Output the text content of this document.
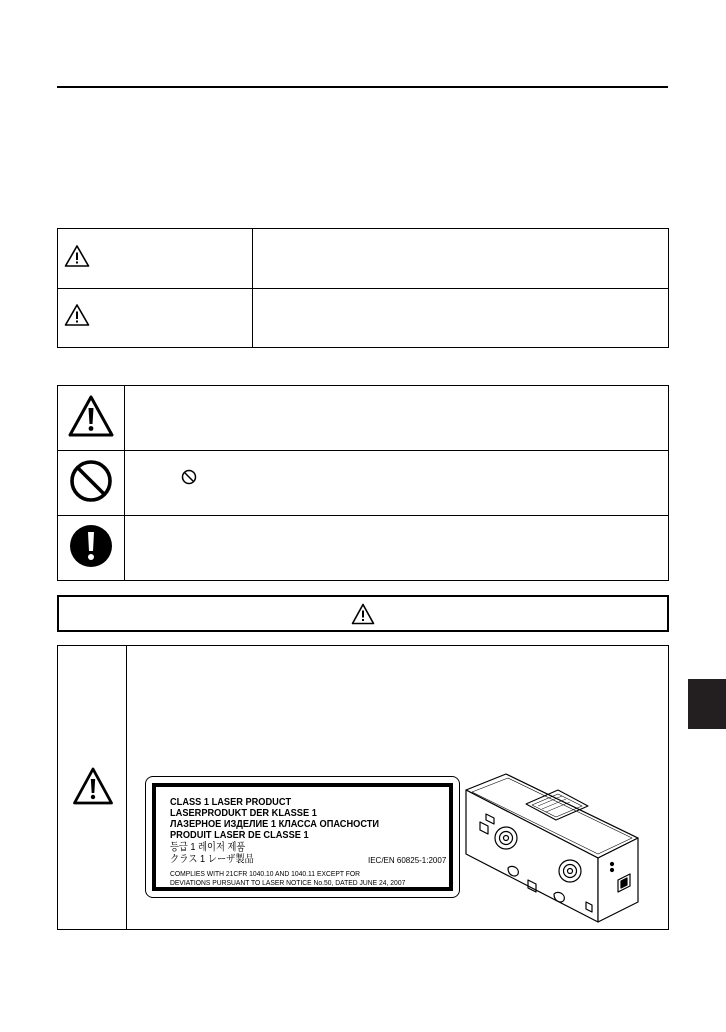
CLASS 1 LASER PRODUCT
LASERPRODUKT DER KLASSE 1
ЛАЗЕРНОЕ ИЗДЕЛИЕ 1 КЛАССА ОПАСНОСТИ
PRODUIT LASER DE CLASSE 1
등급 1 레이저 제품
クラス 1 レーザ製品	IEC/EN 60825-1:2007
COMPLIES WITH 21CFR 1040.10 AND 1040.11 EXCEPT FOR
DEVIATIONS PURSUANT TO LASER NOTICE No.50, DATED JUNE 24, 2007
